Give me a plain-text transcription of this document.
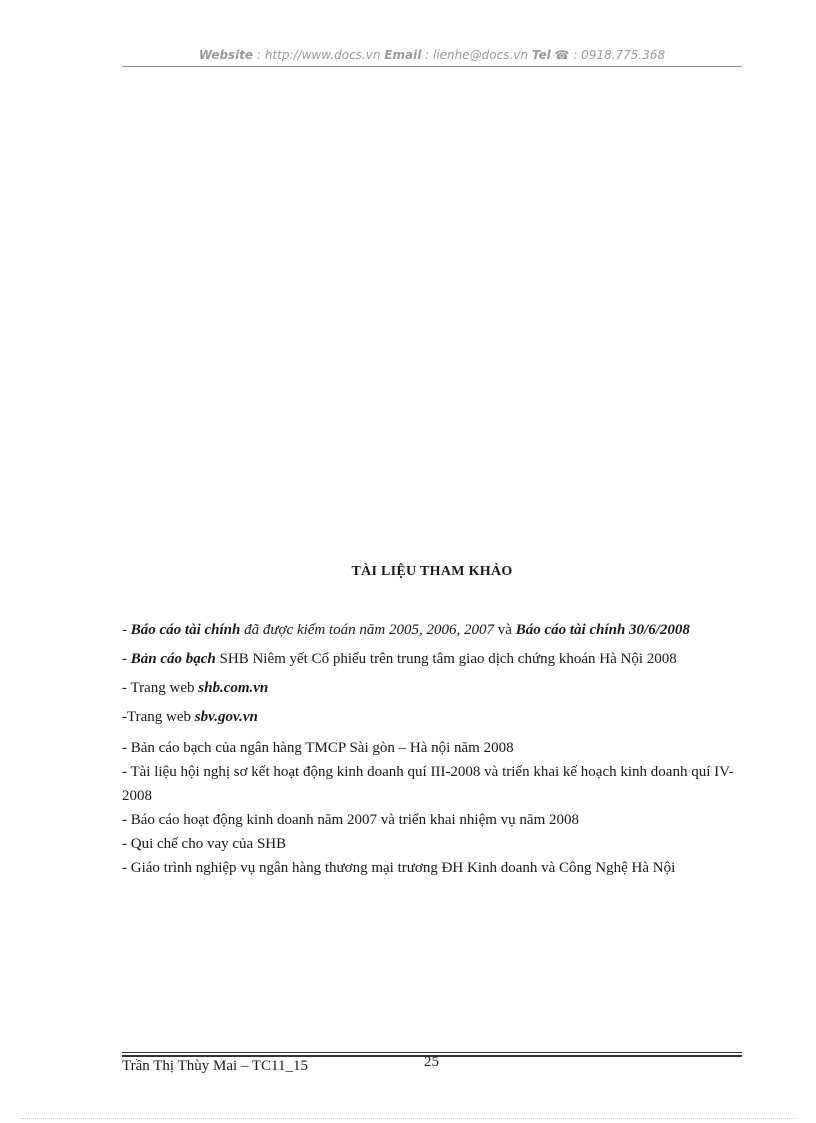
Website : http://www.docs.vn Email : lienhe@docs.vn Tel ☎ : 0918.775.368
TÀI LIỆU THAM KHẢO

- Báo cáo tài chính đã được kiểm toán năm 2005, 2006, 2007 và Báo cáo tài chính 30/6/2008

- Bản cáo bạch SHB Niêm yết Cổ phiếu trên trung tâm giao dịch chứng khoán Hà Nội 2008

- Trang web shb.com.vn

-Trang web sbv.gov.vn

- Bản cáo bạch của ngân hàng TMCP Sài gòn – Hà nội năm 2008

- Tài liệu hội nghị sơ kết hoạt động kinh doanh quí III-2008 và triển khai kế hoạch kinh doanh quí IV-2008

- Báo cáo hoạt động kinh doanh năm 2007 và triển khai nhiệm vụ năm 2008

- Qui chế cho vay của SHB

- Giáo trình nghiệp vụ ngân hàng thương mại trương ĐH Kinh doanh và Công Nghệ Hà Nội

Trần Thị Thùy Mai – TC11_15	25
